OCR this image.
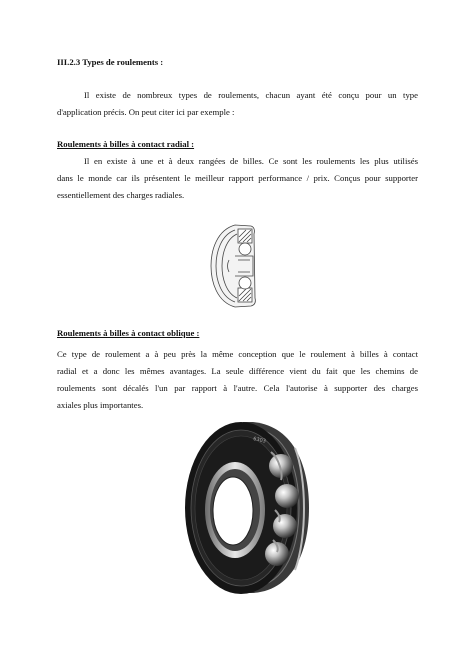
III.2.3 Types de roulements :
Il existe de nombreux types de roulements, chacun ayant été conçu pour un type
d'application précis. On peut citer ici par exemple :
Roulements à billes à contact radial :
Il en existe à une et à deux rangées de billes. Ce sont les roulements les plus utilisés
dans le monde car ils présentent le meilleur rapport performance / prix. Conçus pour supporter
essentiellement des charges radiales.
Roulements à billes à contact oblique :
Ce type de roulement a à peu près la même conception que le roulement à billes à contact
radial et a donc les mêmes avantages. La seule différence vient du fait que les chemins de
roulements sont décalés l'un par rapport à l'autre. Cela l'autorise à supporter des charges
axiales plus importantes.
6303
